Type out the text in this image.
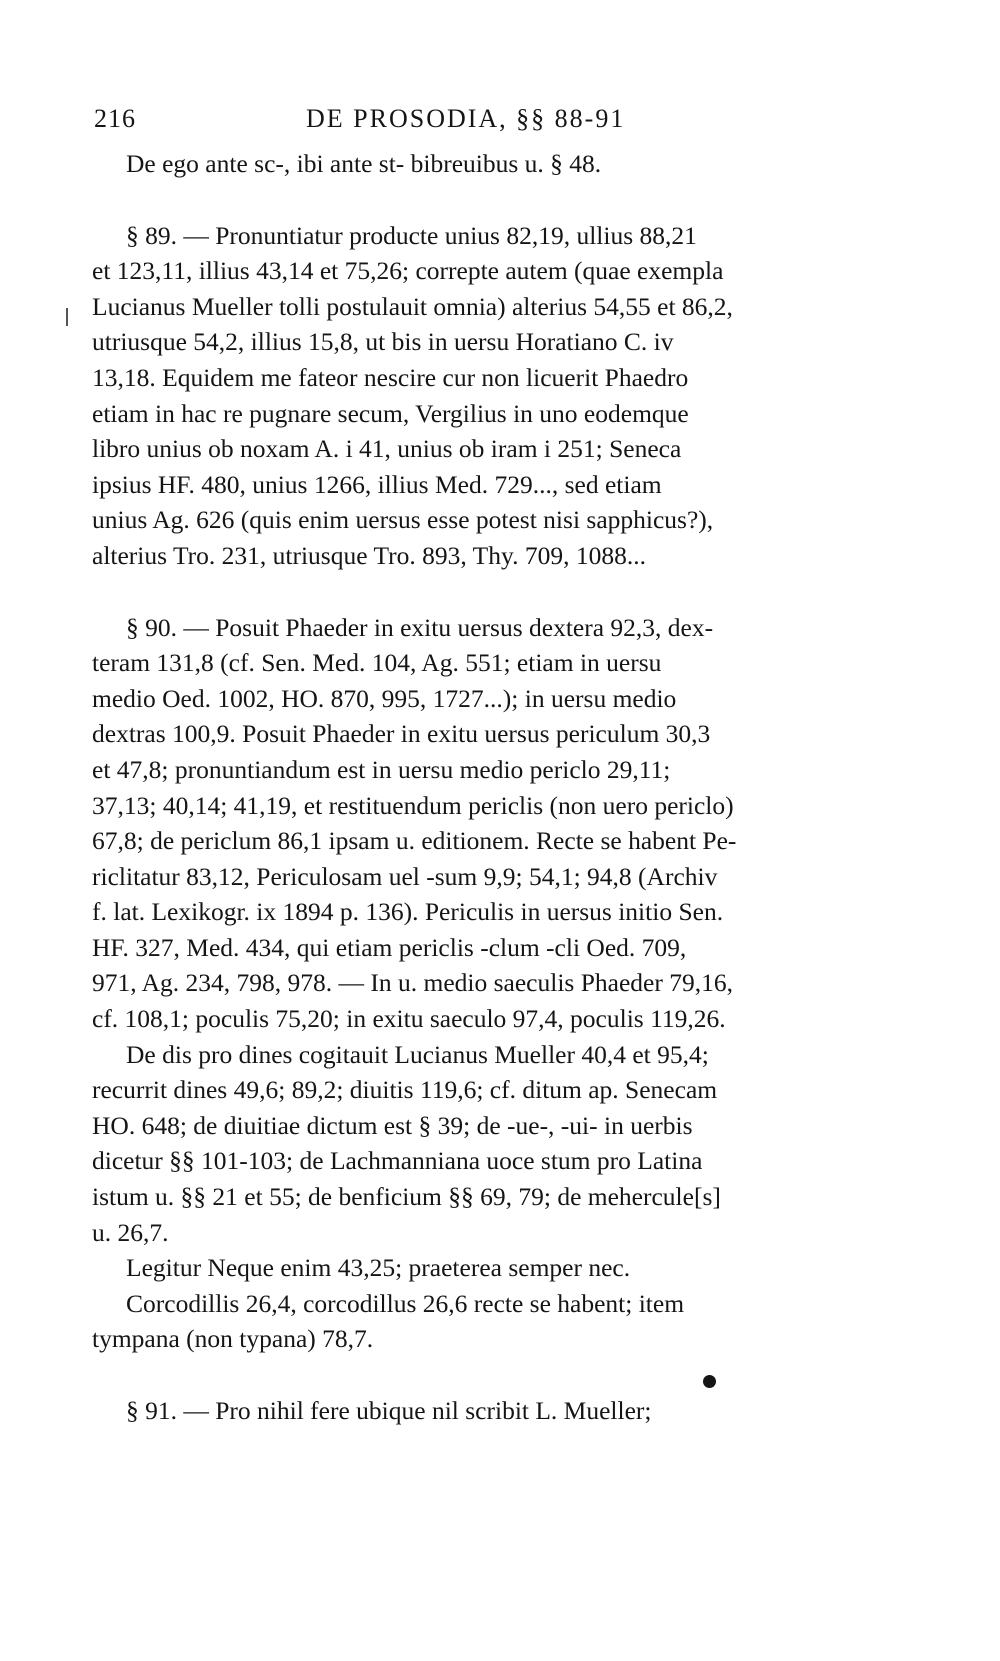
216	DE PROSODIA, §§ 88-91
De ego ante sc-, ibi ante st- bibreuibus u. § 48.
§ 89. — Pronuntiatur producte unius 82,19, ullius 88,21
et 123,11, illius 43,14 et 75,26; correpte autem (quae exempla
Lucianus Mueller tolli postulauit omnia) alterius 54,55 et 86,2,
utriusque 54,2, illius 15,8, ut bis in uersu Horatiano C. iv
13,18. Equidem me fateor nescire cur non licuerit Phaedro
etiam in hac re pugnare secum, Vergilius in uno eodemque
libro unius ob noxam A. i 41, unius ob iram i 251; Seneca
ipsius HF. 480, unius 1266, illius Med. 729..., sed etiam
unius Ag. 626 (quis enim uersus esse potest nisi sapphicus?),
alterius Tro. 231, utriusque Tro. 893, Thy. 709, 1088...
§ 90. — Posuit Phaeder in exitu uersus dextera 92,3, dex-
teram 131,8 (cf. Sen. Med. 104, Ag. 551; etiam in uersu
medio Oed. 1002, HO. 870, 995, 1727...); in uersu medio
dextras 100,9. Posuit Phaeder in exitu uersus periculum 30,3
et 47,8; pronuntiandum est in uersu medio periclo 29,11;
37,13; 40,14; 41,19, et restituendum periclis (non uero periclo)
67,8; de periclum 86,1 ipsam u. editionem. Recte se habent Pe-
riclitatur 83,12, Periculosam uel -sum 9,9; 54,1; 94,8 (Archiv
f. lat. Lexikogr. ix 1894 p. 136). Periculis in uersus initio Sen.
HF. 327, Med. 434, qui etiam periclis -clum -cli Oed. 709,
971, Ag. 234, 798, 978. — In u. medio saeculis Phaeder 79,16,
cf. 108,1; poculis 75,20; in exitu saeculo 97,4, poculis 119,26.
De dis pro dines cogitauit Lucianus Mueller 40,4 et 95,4;
recurrit dines 49,6; 89,2; diuitis 119,6; cf. ditum ap. Senecam
HO. 648; de diuitiae dictum est § 39; de -ue-, -ui- in uerbis
dicetur §§ 101-103; de Lachmanniana uoce stum pro Latina
istum u. §§ 21 et 55; de benficium §§ 69, 79; de mehercule[s]
u. 26,7.
Legitur Neque enim 43,25; praeterea semper nec.
Corcodillis 26,4, corcodillus 26,6 recte se habent; item
tympana (non typana) 78,7.
§ 91. — Pro nihil fere ubique nil scribit L. Mueller;
